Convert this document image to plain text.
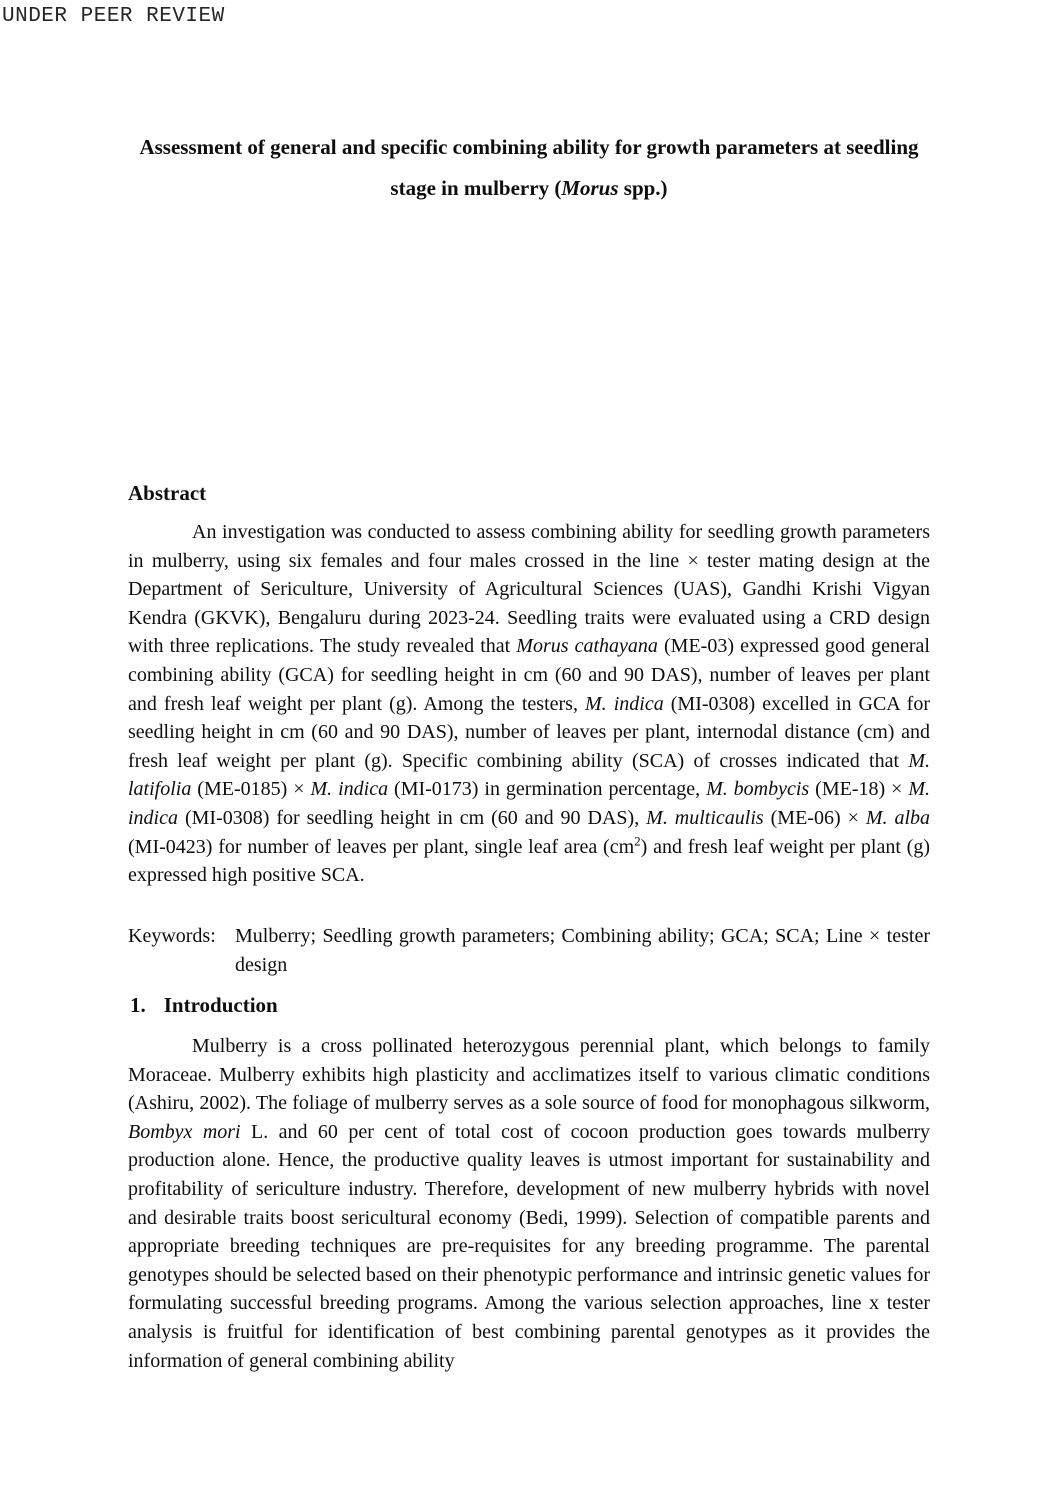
UNDER PEER REVIEW
Assessment of general and specific combining ability for growth parameters at seedling
stage in mulberry (Morus spp.)
Abstract

An investigation was conducted to assess combining ability for seedling growth parameters in mulberry, using six females and four males crossed in the line × tester mating design at the Department of Sericulture, University of Agricultural Sciences (UAS), Gandhi Krishi Vigyan Kendra (GKVK), Bengaluru during 2023-24. Seedling traits were evaluated using a CRD design with three replications. The study revealed that Morus cathayana (ME-03) expressed good general combining ability (GCA) for seedling height in cm (60 and 90 DAS), number of leaves per plant and fresh leaf weight per plant (g). Among the testers, M. indica (MI-0308) excelled in GCA for seedling height in cm (60 and 90 DAS), number of leaves per plant, internodal distance (cm) and fresh leaf weight per plant (g). Specific combining ability (SCA) of crosses indicated that M. latifolia (ME-0185) × M. indica (MI-0173) in germination percentage, M. bombycis (ME-18) × M. indica (MI-0308) for seedling height in cm (60 and 90 DAS), M. multicaulis (ME-06) × M. alba (MI-0423) for number of leaves per plant, single leaf area $(cm^2)$ and fresh leaf weight per plant (g) expressed high positive SCA.

Keywords: Mulberry; Seedling growth parameters; Combining ability; GCA; SCA; Line × tester design

1. Introduction

Mulberry is a cross pollinated heterozygous perennial plant, which belongs to family Moraceae. Mulberry exhibits high plasticity and acclimatizes itself to various climatic conditions (Ashiru, 2002). The foliage of mulberry serves as a sole source of food for monophagous silkworm, Bombyx mori L. and 60 per cent of total cost of cocoon production goes towards mulberry production alone. Hence, the productive quality leaves is utmost important for sustainability and profitability of sericulture industry. Therefore, development of new mulberry hybrids with novel and desirable traits boost sericultural economy (Bedi, 1999). Selection of compatible parents and appropriate breeding techniques are pre-requisites for any breeding programme. The parental genotypes should be selected based on their phenotypic performance and intrinsic genetic values for formulating successful breeding programs. Among the various selection approaches, line x tester analysis is fruitful for identification of best combining parental genotypes as it provides the information of general combining ability
